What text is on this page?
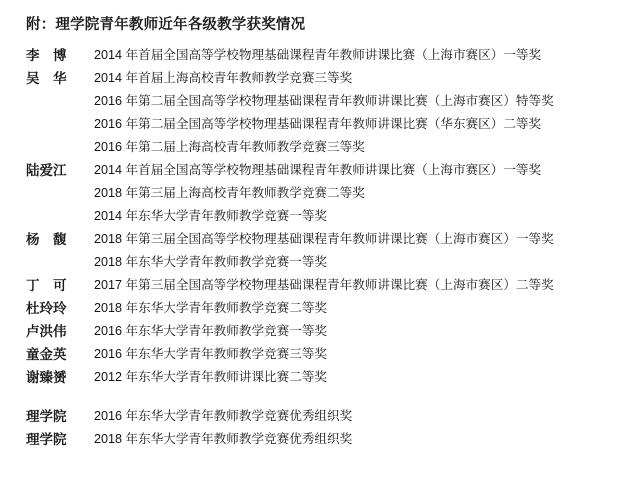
附：理学院青年教师近年各级教学获奖情况
李　博	2014 年首届全国高等学校物理基础课程青年教师讲课比赛（上海市赛区）一等奖
吴　华	2014 年首届上海高校青年教师教学竞赛三等奖
2016 年第二届全国高等学校物理基础课程青年教师讲课比赛（上海市赛区）特等奖
2016 年第二届全国高等学校物理基础课程青年教师讲课比赛（华东赛区）二等奖
2016 年第二届上海高校青年教师教学竞赛三等奖
陆爱江	2014 年首届全国高等学校物理基础课程青年教师讲课比赛（上海市赛区）一等奖
2018 年第三届上海高校青年教师教学竞赛二等奖
2014 年东华大学青年教师教学竞赛一等奖
杨　馥	2018 年第三届全国高等学校物理基础课程青年教师讲课比赛（上海市赛区）一等奖
2018 年东华大学青年教师教学竞赛一等奖
丁　可	2017 年第三届全国高等学校物理基础课程青年教师讲课比赛（上海市赛区）二等奖
杜玲玲	2018 年东华大学青年教师教学竞赛二等奖
卢洪伟	2016 年东华大学青年教师教学竞赛一等奖
童金英	2016 年东华大学青年教师教学竞赛三等奖
谢臻赟	2012 年东华大学青年教师讲课比赛二等奖
理学院	2016 年东华大学青年教师教学竞赛优秀组织奖
理学院	2018 年东华大学青年教师教学竞赛优秀组织奖
